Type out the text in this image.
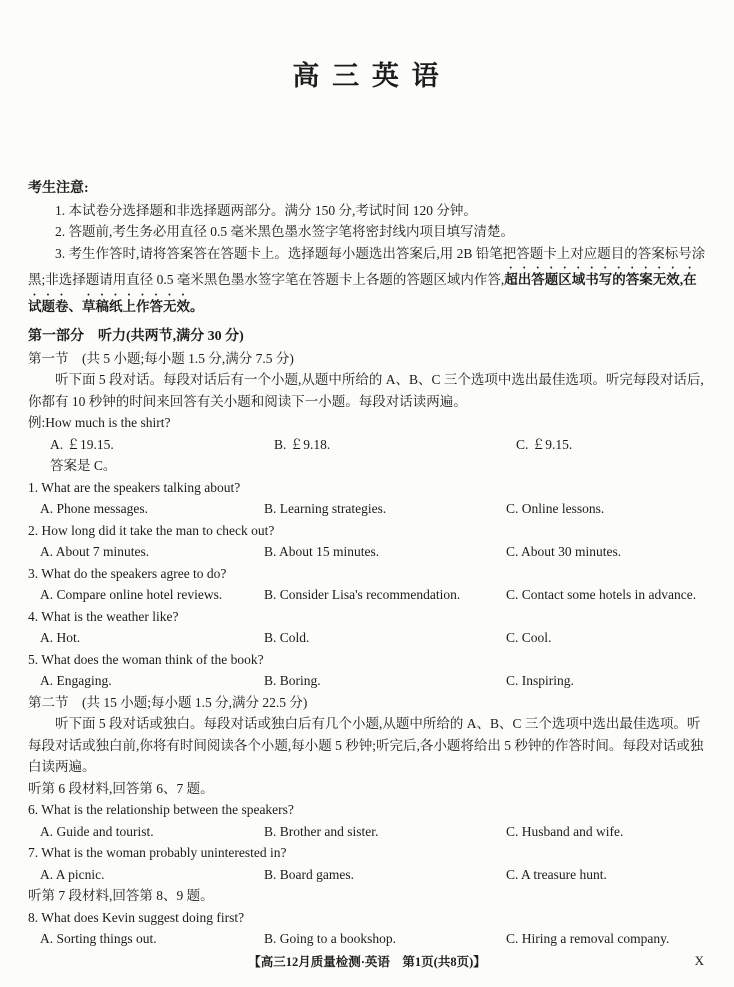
高 三 英 语
考生注意:

1. 本试卷分选择题和非选择题两部分。满分 150 分,考试时间 120 分钟。

2. 答题前,考生务必用直径 0.5 毫米黑色墨水签字笔将密封线内项目填写清楚。

3. 考生作答时,请将答案答在答题卡上。选择题每小题选出答案后,用 2B 铅笔把答题卡上对应题目的答案标号涂黑;非选择题请用直径 0.5 毫米黑色墨水签字笔在答题卡上各题的答题区域内作答,超出答题区域书写的答案无效,在试题卷、草稿纸上作答无效。

第一部分　听力(共两节,满分 30 分)
第一节　(共 5 小题;每小题 1.5 分,满分 7.5 分)

听下面 5 段对话。每段对话后有一个小题,从题中所给的 A、B、C 三个选项中选出最佳选项。听完每段对话后,你都有 10 秒钟的时间来回答有关小题和阅读下一小题。每段对话读两遍。

例:How much is the shirt?
A. ￡19.15.	B. ￡9.18.	C. ￡9.15.
答案是 C。
1. What are the speakers talking about?
A. Phone messages.	B. Learning strategies.	C. Online lessons.
2. How long did it take the man to check out?
A. About 7 minutes.	B. About 15 minutes.	C. About 30 minutes.
3. What do the speakers agree to do?
A. Compare online hotel reviews.	B. Consider Lisa's recommendation.	C. Contact some hotels in advance.
4. What is the weather like?
A. Hot.	B. Cold.	C. Cool.
5. What does the woman think of the book?
A. Engaging.	B. Boring.	C. Inspiring.
第二节　(共 15 小题;每小题 1.5 分,满分 22.5 分)

听下面 5 段对话或独白。每段对话或独白后有几个小题,从题中所给的 A、B、C 三个选项中选出最佳选项。听每段对话或独白前,你将有时间阅读各个小题,每小题 5 秒钟;听完后,各小题将给出 5 秒钟的作答时间。每段对话或独白读两遍。

听第 6 段材料,回答第 6、7 题。
6. What is the relationship between the speakers?
A. Guide and tourist.	B. Brother and sister.	C. Husband and wife.
7. What is the woman probably uninterested in?
A. A picnic.	B. Board games.	C. A treasure hunt.
听第 7 段材料,回答第 8、9 题。
8. What does Kevin suggest doing first?
A. Sorting things out.	B. Going to a bookshop.	C. Hiring a removal company.
【高三12月质量检测·英语　第1页(共8页)】	X
